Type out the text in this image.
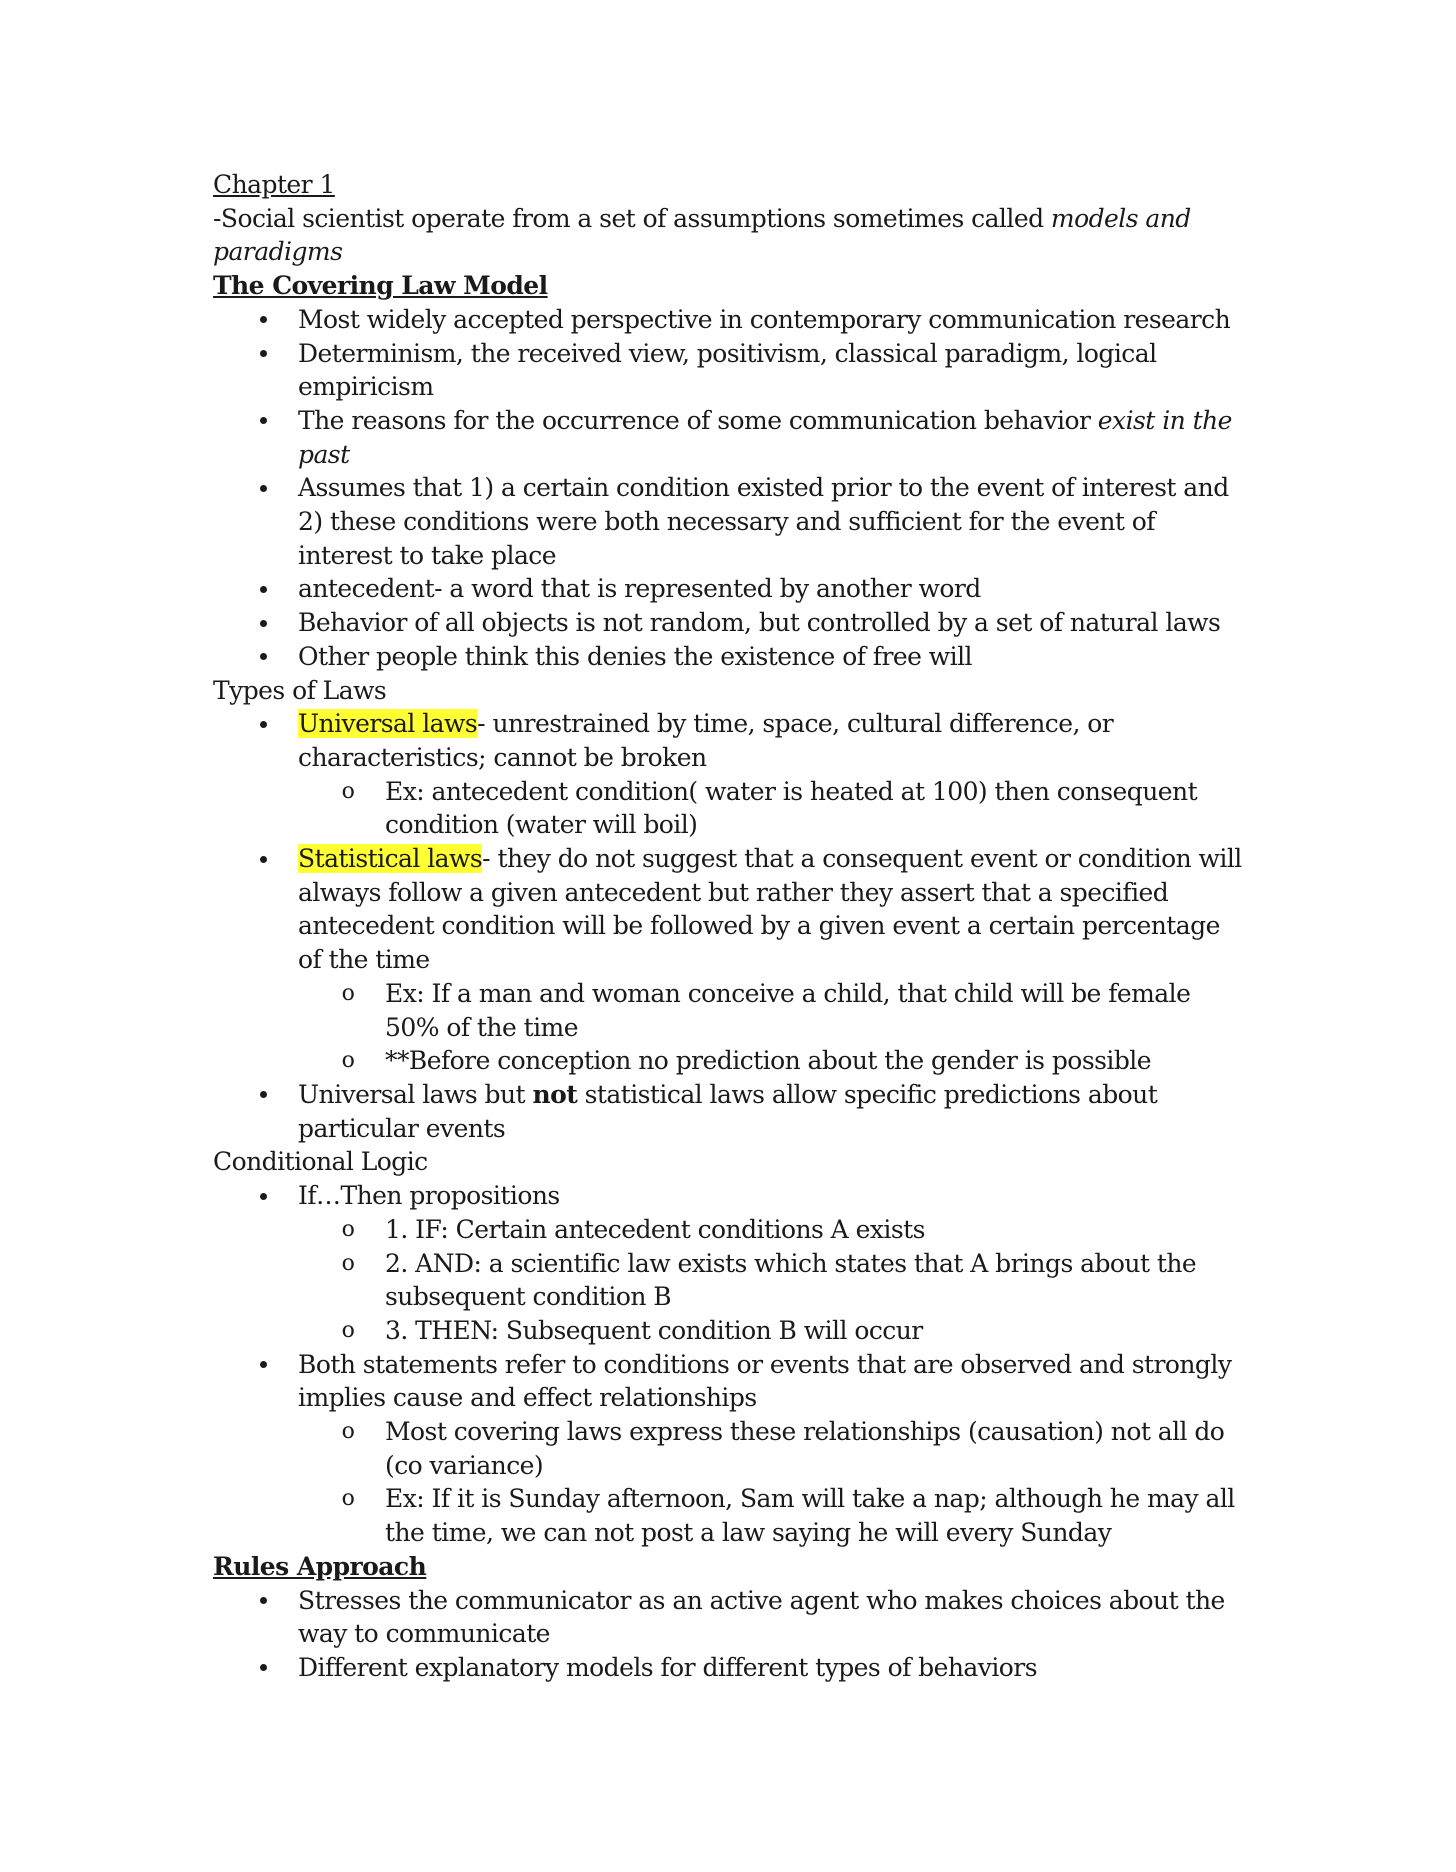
Chapter 1
-Social scientist operate from a set of assumptions sometimes called models and
paradigms
The Covering Law Model
Most widely accepted perspective in contemporary communication research
Determinism, the received view, positivism, classical paradigm, logical
empiricism
The reasons for the occurrence of some communication behavior exist in the
past
Assumes that 1) a certain condition existed prior to the event of interest and
2) these conditions were both necessary and sufficient for the event of
interest to take place
antecedent- a word that is represented by another word
Behavior of all objects is not random, but controlled by a set of natural laws
Other people think this denies the existence of free will
Types of Laws
Universal laws- unrestrained by time, space, cultural difference, or
characteristics; cannot be broken
o Ex: antecedent condition( water is heated at 100) then consequent
condition (water will boil)
Statistical laws- they do not suggest that a consequent event or condition will
always follow a given antecedent but rather they assert that a specified
antecedent condition will be followed by a given event a certain percentage
of the time
o Ex: If a man and woman conceive a child, that child will be female
50% of the time
o **Before conception no prediction about the gender is possible
Universal laws but not statistical laws allow specific predictions about
particular events
Conditional Logic
If…Then propositions
o 1. IF: Certain antecedent conditions A exists
o 2. AND: a scientific law exists which states that A brings about the
subsequent condition B
o 3. THEN: Subsequent condition B will occur
Both statements refer to conditions or events that are observed and strongly
implies cause and effect relationships
o Most covering laws express these relationships (causation) not all do
(co variance)
o Ex: If it is Sunday afternoon, Sam will take a nap; although he may all
the time, we can not post a law saying he will every Sunday
Rules Approach
Stresses the communicator as an active agent who makes choices about the
way to communicate
Different explanatory models for different types of behaviors
